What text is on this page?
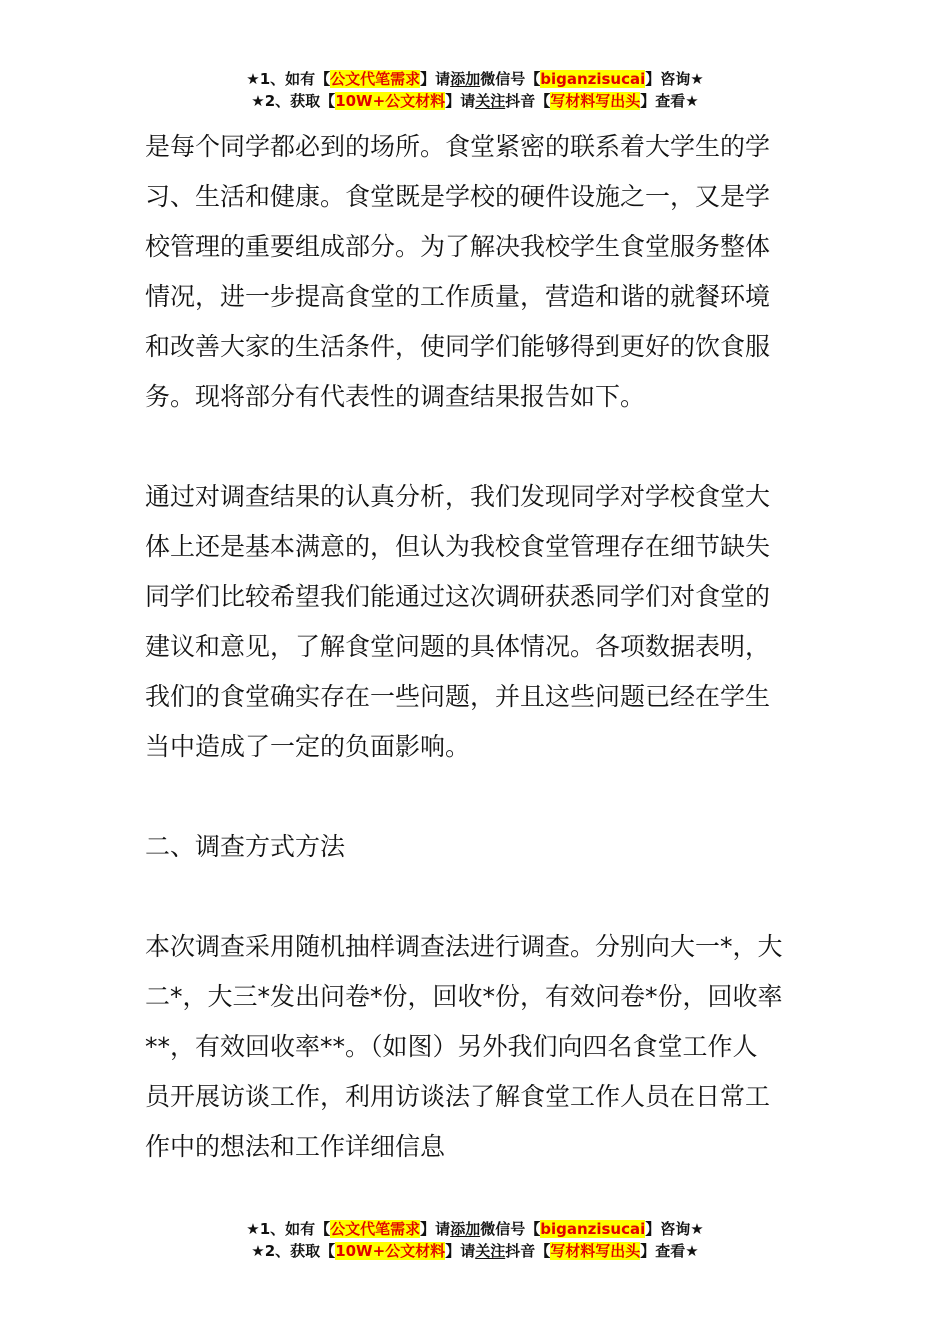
★1、如有【公文代笔需求】请添加微信号【biganzisucai】咨询★
★2、获取【10W+公文材料】请关注抖音【写材料写出头】查看★
是每个同学都必到的场所。食堂紧密的联系着大学生的学
习、生活和健康。食堂既是学校的硬件设施之一，又是学
校管理的重要组成部分。为了解决我校学生食堂服务整体
情况，进一步提高食堂的工作质量，营造和谐的就餐环境
和改善大家的生活条件，使同学们能够得到更好的饮食服
务。现将部分有代表性的调查结果报告如下。
通过对调查结果的认真分析，我们发现同学对学校食堂大
体上还是基本满意的，但认为我校食堂管理存在细节缺失
同学们比较希望我们能通过这次调研获悉同学们对食堂的
建议和意见，了解食堂问题的具体情况。各项数据表明，
我们的食堂确实存在一些问题，并且这些问题已经在学生
当中造成了一定的负面影响。
二、调查方式方法
本次调查采用随机抽样调查法进行调查。分别向大一*，大
二*，大三*发出问卷*份，回收*份，有效问卷*份，回收率
**，有效回收率**。（如图）另外我们向四名食堂工作人
员开展访谈工作，利用访谈法了解食堂工作人员在日常工
作中的想法和工作详细信息
★1、如有【公文代笔需求】请添加微信号【biganzisucai】咨询★
★2、获取【10W+公文材料】请关注抖音【写材料写出头】查看★
